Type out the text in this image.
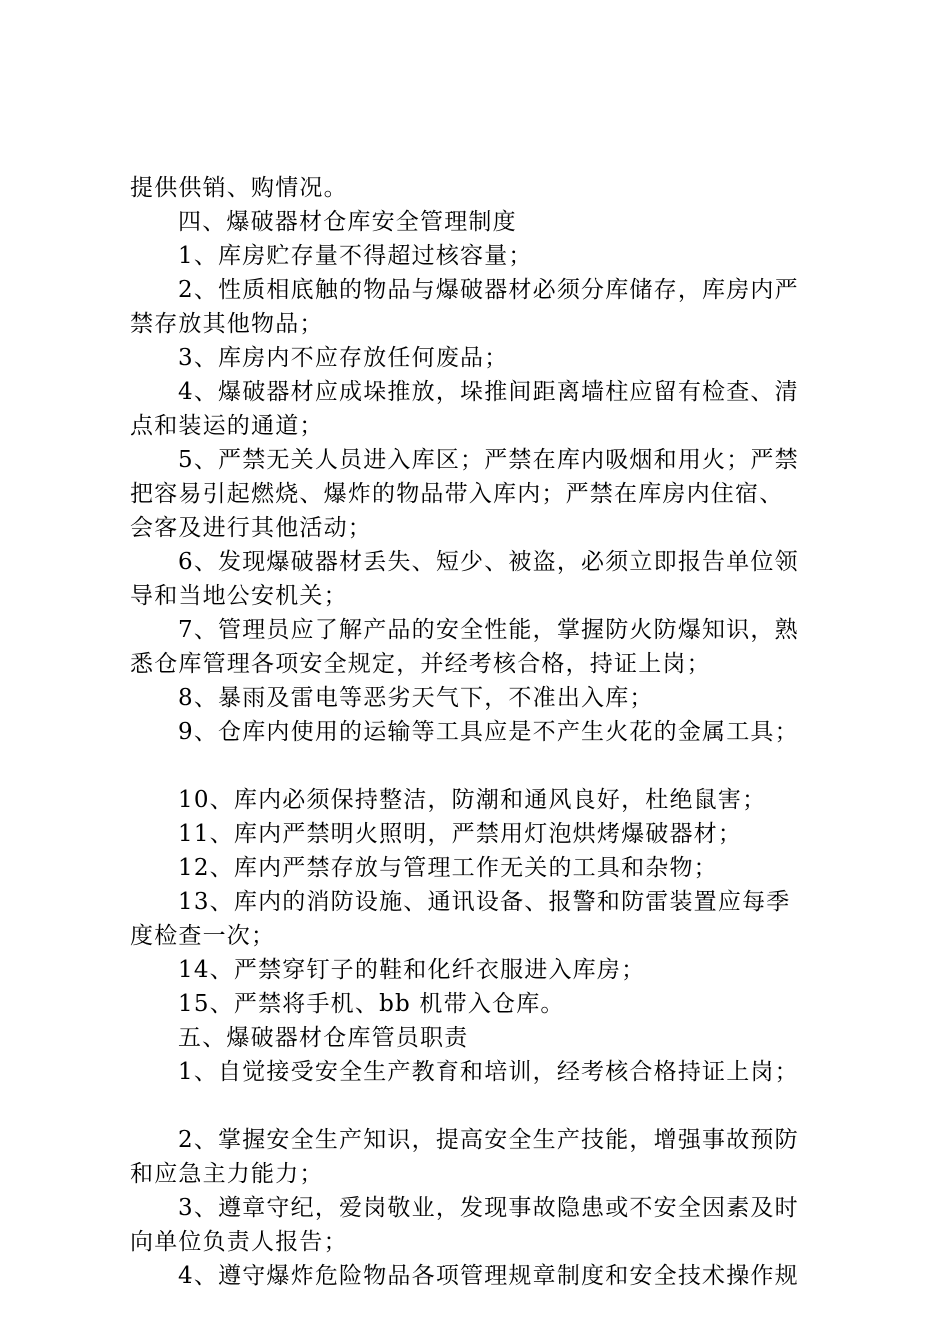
提供供销、购情况。
四、爆破器材仓库安全管理制度
1、库房贮存量不得超过核容量；
2、性质相底触的物品与爆破器材必须分库储存，库房内严
禁存放其他物品；
3、库房内不应存放任何废品；
4、爆破器材应成垛推放，垛推间距离墙柱应留有检查、清
点和装运的通道；
5、严禁无关人员进入库区；严禁在库内吸烟和用火；严禁
把容易引起燃烧、爆炸的物品带入库内；严禁在库房内住宿、
会客及进行其他活动；
6、发现爆破器材丢失、短少、被盗，必须立即报告单位领
导和当地公安机关；
7、管理员应了解产品的安全性能，掌握防火防爆知识，熟
悉仓库管理各项安全规定，并经考核合格，持证上岗；
8、暴雨及雷电等恶劣天气下，不准出入库；
9、仓库内使用的运输等工具应是不产生火花的金属工具；
10、库内必须保持整洁，防潮和通风良好，杜绝鼠害；
11、库内严禁明火照明，严禁用灯泡烘烤爆破器材；
12、库内严禁存放与管理工作无关的工具和杂物；
13、库内的消防设施、通讯设备、报警和防雷装置应每季
度检查一次；
14、严禁穿钉子的鞋和化纤衣服进入库房；
15、严禁将手机、bb 机带入仓库。
五、爆破器材仓库管员职责
1、自觉接受安全生产教育和培训，经考核合格持证上岗；
2、掌握安全生产知识，提高安全生产技能，增强事故预防
和应急主力能力；
3、遵章守纪，爱岗敬业，发现事故隐患或不安全因素及时
向单位负责人报告；
4、遵守爆炸危险物品各项管理规章制度和安全技术操作规
